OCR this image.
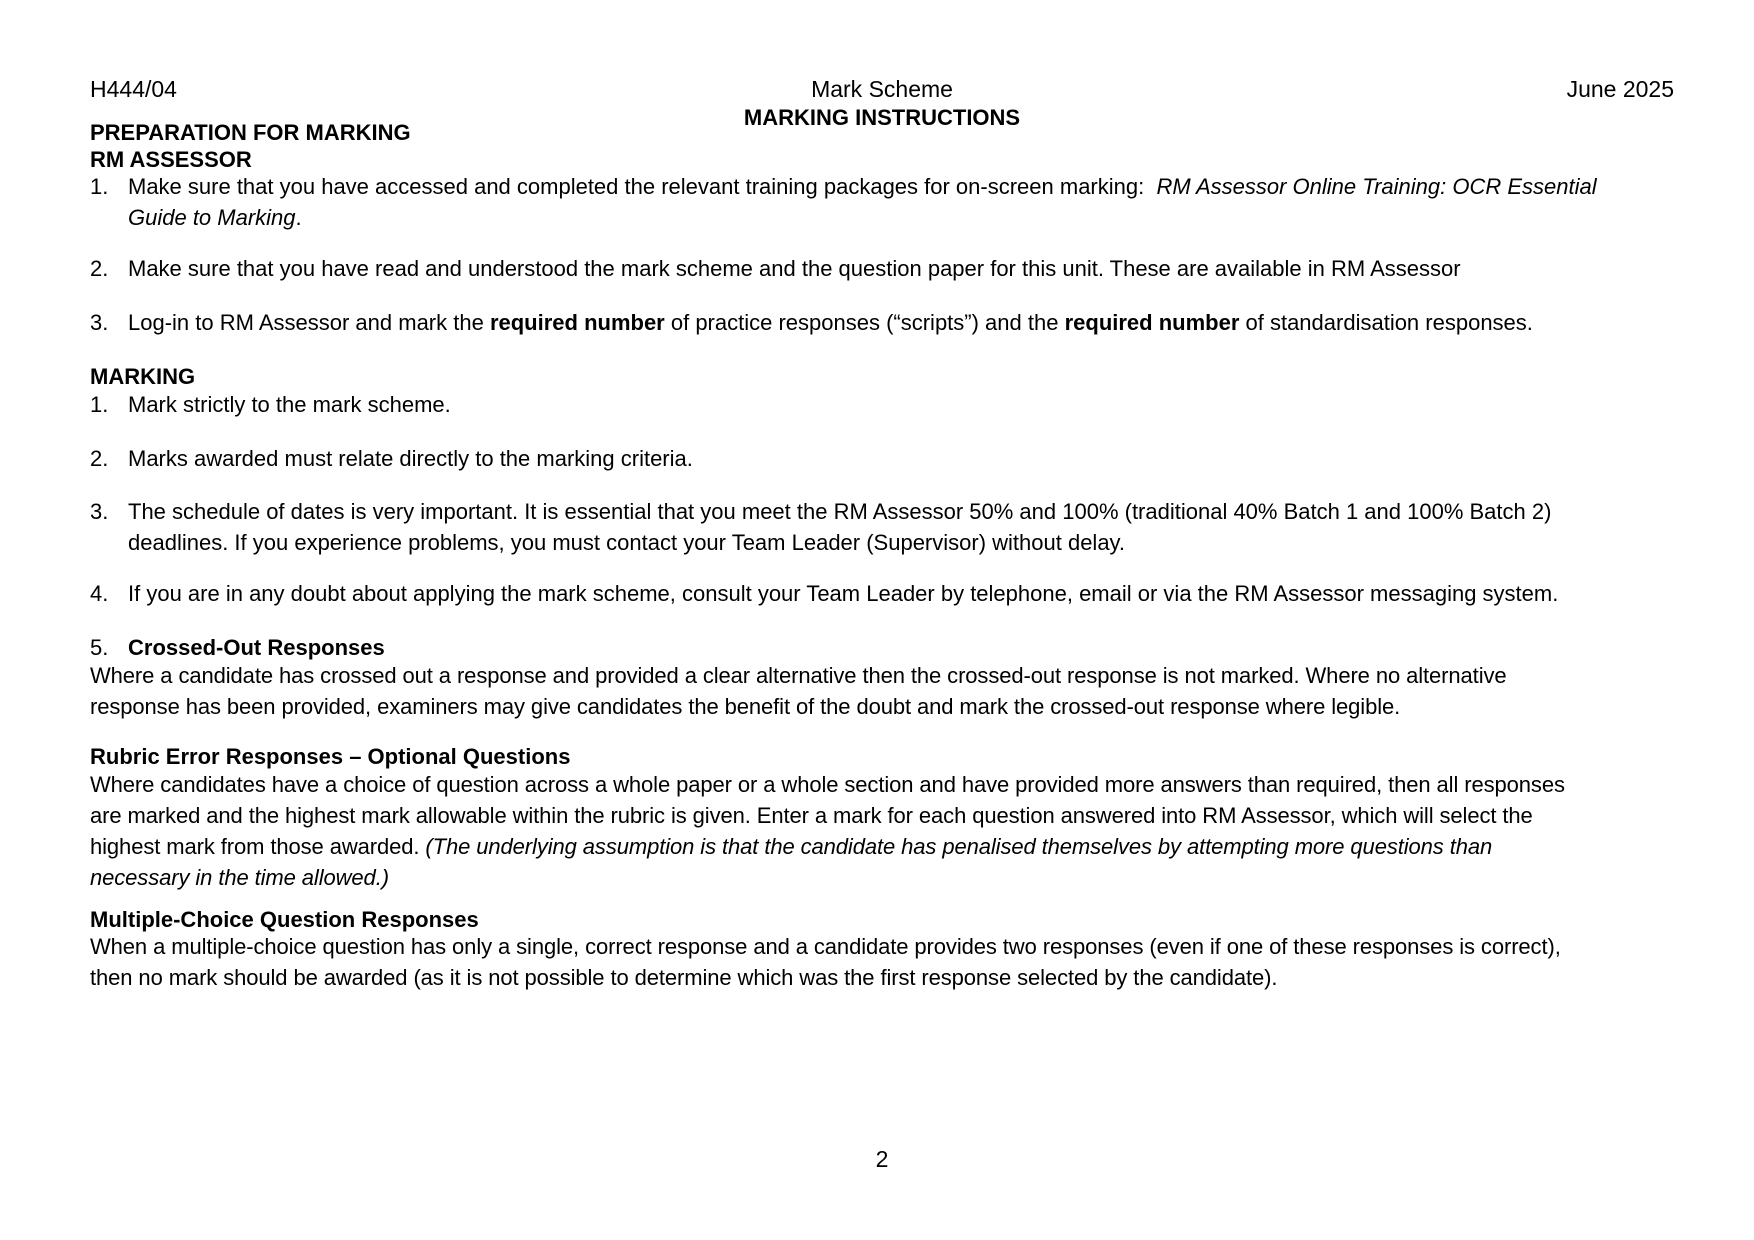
H444/04	Mark Scheme	June 2025
MARKING INSTRUCTIONS
PREPARATION FOR MARKING
RM ASSESSOR
1. Make sure that you have accessed and completed the relevant training packages for on-screen marking: RM Assessor Online Training: OCR Essential
Guide to Marking.
2. Make sure that you have read and understood the mark scheme and the question paper for this unit. These are available in RM Assessor
3. Log-in to RM Assessor and mark the required number of practice responses (“scripts”) and the required number of standardisation responses.
MARKING
1. Mark strictly to the mark scheme.
2. Marks awarded must relate directly to the marking criteria.
3. The schedule of dates is very important. It is essential that you meet the RM Assessor 50% and 100% (traditional 40% Batch 1 and 100% Batch 2)
deadlines. If you experience problems, you must contact your Team Leader (Supervisor) without delay.
4. If you are in any doubt about applying the mark scheme, consult your Team Leader by telephone, email or via the RM Assessor messaging system.
5. Crossed-Out Responses
Where a candidate has crossed out a response and provided a clear alternative then the crossed-out response is not marked. Where no alternative
response has been provided, examiners may give candidates the benefit of the doubt and mark the crossed-out response where legible.
Rubric Error Responses – Optional Questions
Where candidates have a choice of question across a whole paper or a whole section and have provided more answers than required, then all responses
are marked and the highest mark allowable within the rubric is given. Enter a mark for each question answered into RM Assessor, which will select the
highest mark from those awarded. (The underlying assumption is that the candidate has penalised themselves by attempting more questions than
necessary in the time allowed.)
Multiple-Choice Question Responses
When a multiple-choice question has only a single, correct response and a candidate provides two responses (even if one of these responses is correct),
then no mark should be awarded (as it is not possible to determine which was the first response selected by the candidate).
2
